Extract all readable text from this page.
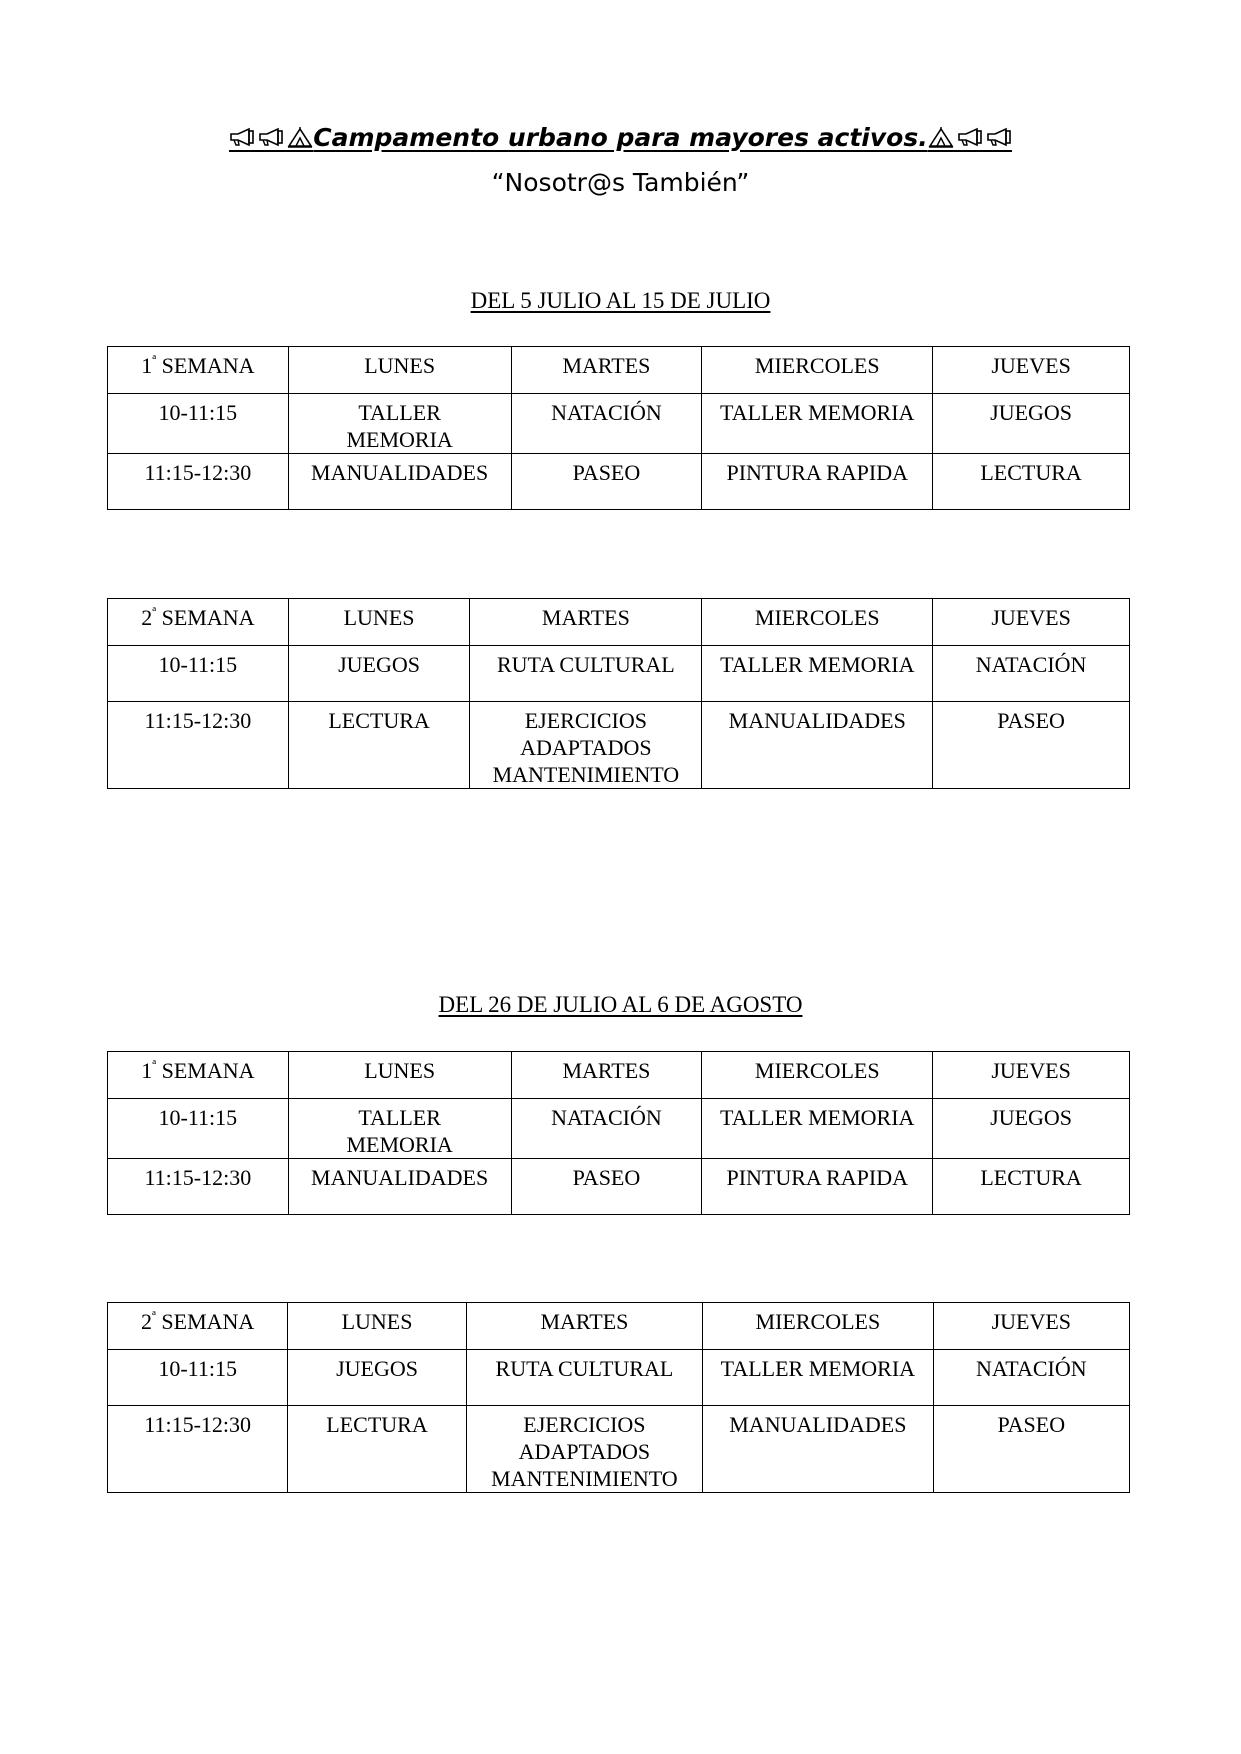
Campamento urbano para mayores activos.
“Nosotr@s También”
DEL 5 JULIO AL 15 DE JULIO
$1^ª$ SEMANA	LUNES	MARTES	MIERCOLES	JUEVES
10-11:15	TALLER MEMORIA	NATACIÓN	TALLER MEMORIA	JUEGOS
11:15-12:30	MANUALIDADES	PASEO	PINTURA RAPIDA	LECTURA
$2^ª$ SEMANA	LUNES	MARTES	MIERCOLES	JUEVES
10-11:15	JUEGOS	RUTA CULTURAL	TALLER MEMORIA	NATACIÓN
11:15-12:30	LECTURA	EJERCICIOS ADAPTADOS MANTENIMIENTO	MANUALIDADES	PASEO
DEL 26 DE JULIO AL 6 DE AGOSTO
$1^ª$ SEMANA	LUNES	MARTES	MIERCOLES	JUEVES
10-11:15	TALLER MEMORIA	NATACIÓN	TALLER MEMORIA	JUEGOS
11:15-12:30	MANUALIDADES	PASEO	PINTURA RAPIDA	LECTURA
$2^ª$ SEMANA	LUNES	MARTES	MIERCOLES	JUEVES
10-11:15	JUEGOS	RUTA CULTURAL	TALLER MEMORIA	NATACIÓN
11:15-12:30	LECTURA	EJERCICIOS ADAPTADOS MANTENIMIENTO	MANUALIDADES	PASEO
